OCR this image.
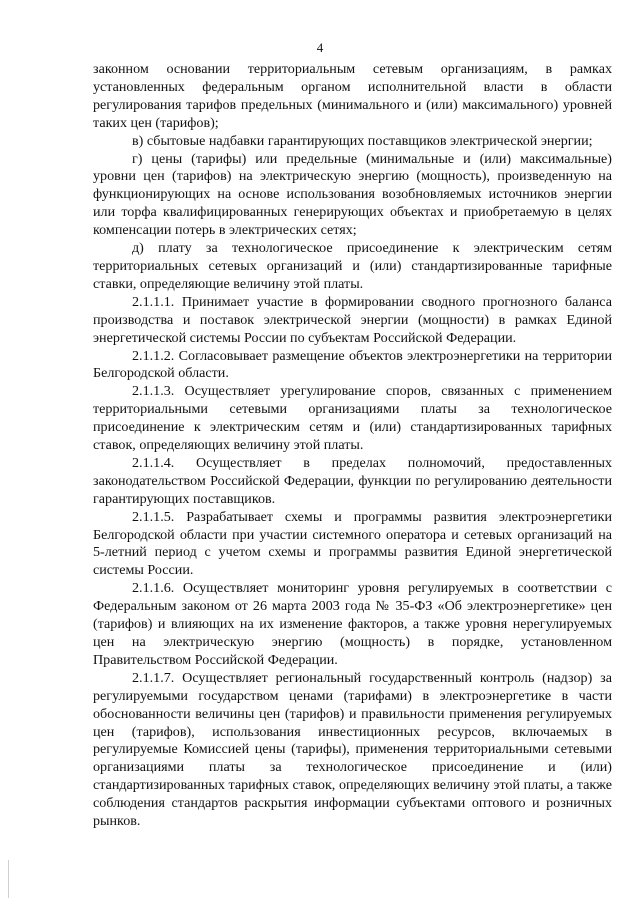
4

законном основании территориальным сетевым организациям, в рамках установленных федеральным органом исполнительной власти в области регулирования тарифов предельных (минимального и (или) максимального) уровней таких цен (тарифов);

в) сбытовые надбавки гарантирующих поставщиков электрической энергии;

г) цены (тарифы) или предельные (минимальные и (или) максимальные) уровни цен (тарифов) на электрическую энергию (мощность), произведенную на функционирующих на основе использования возобновляемых источников энергии или торфа квалифицированных генерирующих объектах и приобретаемую в целях компенсации потерь в электрических сетях;

д) плату за технологическое присоединение к электрическим сетям территориальных сетевых организаций и (или) стандартизированные тарифные ставки, определяющие величину этой платы.

2.1.1.1. Принимает участие в формировании сводного прогнозного баланса производства и поставок электрической энергии (мощности) в рамках Единой энергетической системы России по субъектам Российской Федерации.

2.1.1.2. Согласовывает размещение объектов электроэнергетики на территории Белгородской области.

2.1.1.3. Осуществляет урегулирование споров, связанных с применением территориальными сетевыми организациями платы за технологическое присоединение к электрическим сетям и (или) стандартизированных тарифных ставок, определяющих величину этой платы.

2.1.1.4. Осуществляет в пределах полномочий, предоставленных законодательством Российской Федерации, функции по регулированию деятельности гарантирующих поставщиков.

2.1.1.5. Разрабатывает схемы и программы развития электроэнергетики Белгородской области при участии системного оператора и сетевых организаций на 5-летний период с учетом схемы и программы развития Единой энергетической системы России.

2.1.1.6. Осуществляет мониторинг уровня регулируемых в соответствии с Федеральным законом от 26 марта 2003 года № 35-ФЗ «Об электроэнергетике» цен (тарифов) и влияющих на их изменение факторов, а также уровня нерегулируемых цен на электрическую энергию (мощность) в порядке, установленном Правительством Российской Федерации.

2.1.1.7. Осуществляет региональный государственный контроль (надзор) за регулируемыми государством ценами (тарифами) в электроэнергетике в части обоснованности величины цен (тарифов) и правильности применения регулируемых цен (тарифов), использования инвестиционных ресурсов, включаемых в регулируемые Комиссией цены (тарифы), применения территориальными сетевыми организациями платы за технологическое присоединение и (или) стандартизированных тарифных ставок, определяющих величину этой платы, а также соблюдения стандартов раскрытия информации субъектами оптового и розничных рынков.
